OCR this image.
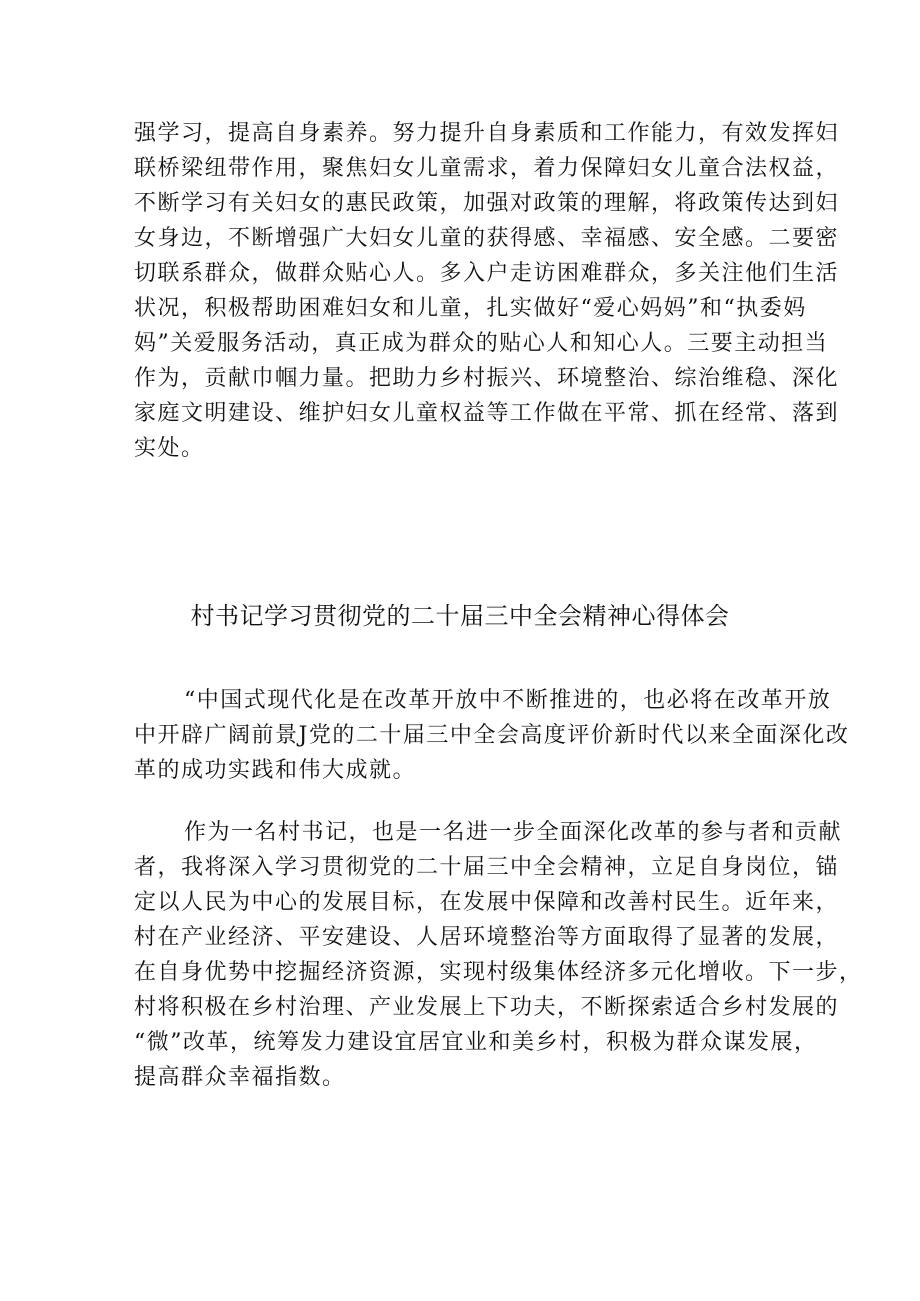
强学习，提高自身素养。努力提升自身素质和工作能力，有效发挥妇
联桥梁纽带作用，聚焦妇女儿童需求，着力保障妇女儿童合法权益，
不断学习有关妇女的惠民政策，加强对政策的理解，将政策传达到妇
女身边，不断增强广大妇女儿童的获得感、幸福感、安全感。二要密
切联系群众，做群众贴心人。多入户走访困难群众，多关注他们生活
状况，积极帮助困难妇女和儿童，扎实做好“爱心妈妈”和“执委妈
妈”关爱服务活动，真正成为群众的贴心人和知心人。三要主动担当
作为，贡献巾帼力量。把助力乡村振兴、环境整治、综治维稳、深化
家庭文明建设、维护妇女儿童权益等工作做在平常、抓在经常、落到
实处。
村书记学习贯彻党的二十届三中全会精神心得体会
“中国式现代化是在改革开放中不断推进的，也必将在改革开放
中开辟广阔前景J党的二十届三中全会高度评价新时代以来全面深化改
革的成功实践和伟大成就。
作为一名村书记，也是一名进一步全面深化改革的参与者和贡献
者，我将深入学习贯彻党的二十届三中全会精神，立足自身岗位，锚
定以人民为中心的发展目标，在发展中保障和改善村民生。近年来，
村在产业经济、平安建设、人居环境整治等方面取得了显著的发展，
在自身优势中挖掘经济资源，实现村级集体经济多元化增收。下一步，
村将积极在乡村治理、产业发展上下功夫，不断探索适合乡村发展的
“微”改革，统筹发力建设宜居宜业和美乡村，积极为群众谋发展，
提高群众幸福指数。
